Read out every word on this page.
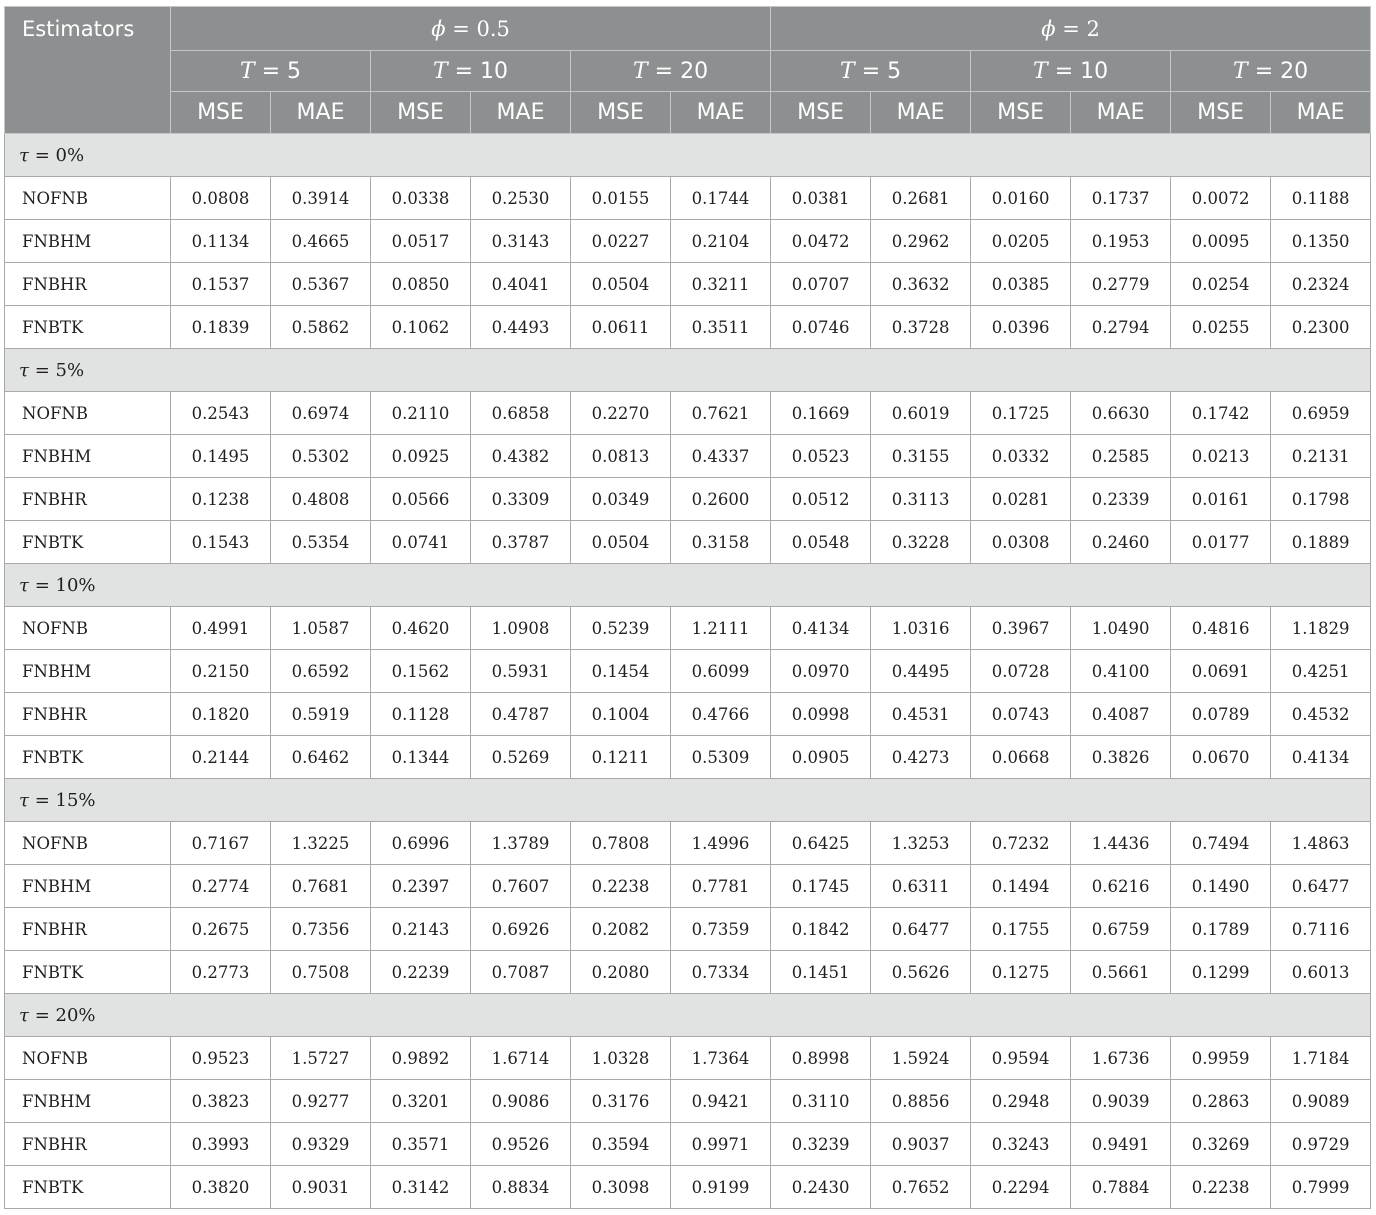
Estimators	ϕ = 0.5						ϕ = 2					
	T = 5		T = 10		T = 20		T = 5		T = 10		T = 20	
	MSE	MAE	MSE	MAE	MSE	MAE	MSE	MAE	MSE	MAE	MSE	MAE
τ = 0%												
NOFNB	0.0808	0.3914	0.0338	0.2530	0.0155	0.1744	0.0381	0.2681	0.0160	0.1737	0.0072	0.1188
FNBHM	0.1134	0.4665	0.0517	0.3143	0.0227	0.2104	0.0472	0.2962	0.0205	0.1953	0.0095	0.1350
FNBHR	0.1537	0.5367	0.0850	0.4041	0.0504	0.3211	0.0707	0.3632	0.0385	0.2779	0.0254	0.2324
FNBTK	0.1839	0.5862	0.1062	0.4493	0.0611	0.3511	0.0746	0.3728	0.0396	0.2794	0.0255	0.2300
τ = 5%												
NOFNB	0.2543	0.6974	0.2110	0.6858	0.2270	0.7621	0.1669	0.6019	0.1725	0.6630	0.1742	0.6959
FNBHM	0.1495	0.5302	0.0925	0.4382	0.0813	0.4337	0.0523	0.3155	0.0332	0.2585	0.0213	0.2131
FNBHR	0.1238	0.4808	0.0566	0.3309	0.0349	0.2600	0.0512	0.3113	0.0281	0.2339	0.0161	0.1798
FNBTK	0.1543	0.5354	0.0741	0.3787	0.0504	0.3158	0.0548	0.3228	0.0308	0.2460	0.0177	0.1889
τ = 10%												
NOFNB	0.4991	1.0587	0.4620	1.0908	0.5239	1.2111	0.4134	1.0316	0.3967	1.0490	0.4816	1.1829
FNBHM	0.2150	0.6592	0.1562	0.5931	0.1454	0.6099	0.0970	0.4495	0.0728	0.4100	0.0691	0.4251
FNBHR	0.1820	0.5919	0.1128	0.4787	0.1004	0.4766	0.0998	0.4531	0.0743	0.4087	0.0789	0.4532
FNBTK	0.2144	0.6462	0.1344	0.5269	0.1211	0.5309	0.0905	0.4273	0.0668	0.3826	0.0670	0.4134
τ = 15%												
NOFNB	0.7167	1.3225	0.6996	1.3789	0.7808	1.4996	0.6425	1.3253	0.7232	1.4436	0.7494	1.4863
FNBHM	0.2774	0.7681	0.2397	0.7607	0.2238	0.7781	0.1745	0.6311	0.1494	0.6216	0.1490	0.6477
FNBHR	0.2675	0.7356	0.2143	0.6926	0.2082	0.7359	0.1842	0.6477	0.1755	0.6759	0.1789	0.7116
FNBTK	0.2773	0.7508	0.2239	0.7087	0.2080	0.7334	0.1451	0.5626	0.1275	0.5661	0.1299	0.6013
τ = 20%												
NOFNB	0.9523	1.5727	0.9892	1.6714	1.0328	1.7364	0.8998	1.5924	0.9594	1.6736	0.9959	1.7184
FNBHM	0.3823	0.9277	0.3201	0.9086	0.3176	0.9421	0.3110	0.8856	0.2948	0.9039	0.2863	0.9089
FNBHR	0.3993	0.9329	0.3571	0.9526	0.3594	0.9971	0.3239	0.9037	0.3243	0.9491	0.3269	0.9729
FNBTK	0.3820	0.9031	0.3142	0.8834	0.3098	0.9199	0.2430	0.7652	0.2294	0.7884	0.2238	0.7999
